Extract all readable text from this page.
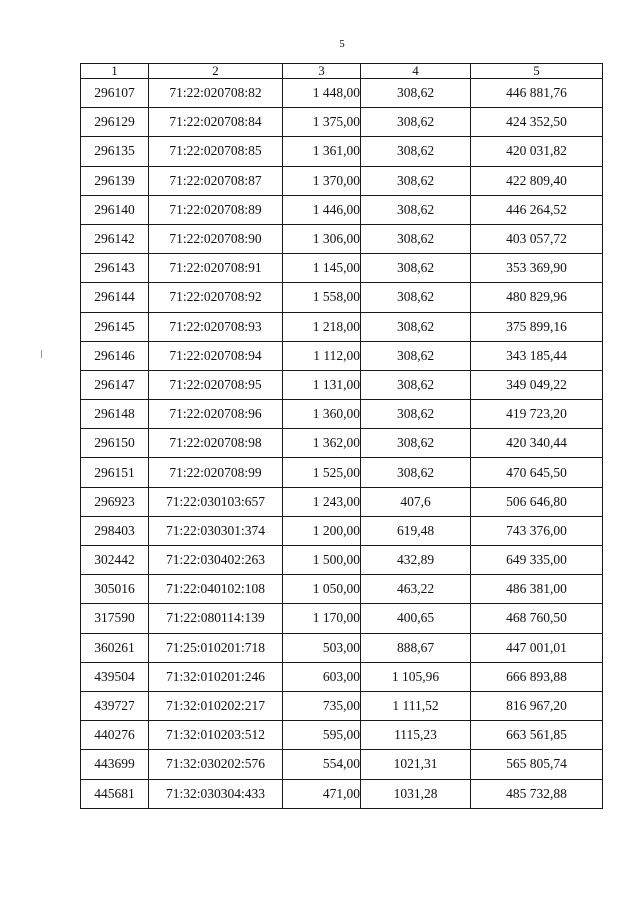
5
1	2	3	4	5
296107	71:22:020708:82	1 448,00	308,62	446 881,76
296129	71:22:020708:84	1 375,00	308,62	424 352,50
296135	71:22:020708:85	1 361,00	308,62	420 031,82
296139	71:22:020708:87	1 370,00	308,62	422 809,40
296140	71:22:020708:89	1 446,00	308,62	446 264,52
296142	71:22:020708:90	1 306,00	308,62	403 057,72
296143	71:22:020708:91	1 145,00	308,62	353 369,90
296144	71:22:020708:92	1 558,00	308,62	480 829,96
296145	71:22:020708:93	1 218,00	308,62	375 899,16
296146	71:22:020708:94	1 112,00	308,62	343 185,44
296147	71:22:020708:95	1 131,00	308,62	349 049,22
296148	71:22:020708:96	1 360,00	308,62	419 723,20
296150	71:22:020708:98	1 362,00	308,62	420 340,44
296151	71:22:020708:99	1 525,00	308,62	470 645,50
296923	71:22:030103:657	1 243,00	407,6	506 646,80
298403	71:22:030301:374	1 200,00	619,48	743 376,00
302442	71:22:030402:263	1 500,00	432,89	649 335,00
305016	71:22:040102:108	1 050,00	463,22	486 381,00
317590	71:22:080114:139	1 170,00	400,65	468 760,50
360261	71:25:010201:718	503,00	888,67	447 001,01
439504	71:32:010201:246	603,00	1 105,96	666 893,88
439727	71:32:010202:217	735,00	1 111,52	816 967,20
440276	71:32:010203:512	595,00	1115,23	663 561,85
443699	71:32:030202:576	554,00	1021,31	565 805,74
445681	71:32:030304:433	471,00	1031,28	485 732,88
